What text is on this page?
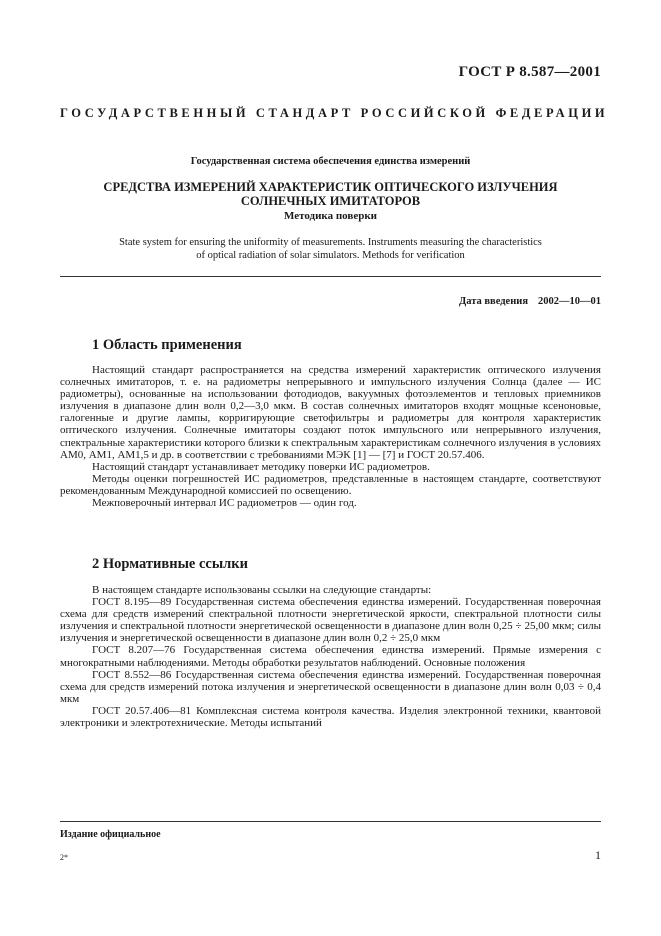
ГОСТ Р 8.587—2001
ГОСУДАРСТВЕННЫЙ СТАНДАРТ РОССИЙСКОЙ ФЕДЕРАЦИИ
Государственная система обеспечения единства измерений
СРЕДСТВА ИЗМЕРЕНИЙ ХАРАКТЕРИСТИК ОПТИЧЕСКОГО ИЗЛУЧЕНИЯ
СОЛНЕЧНЫХ ИМИТАТОРОВ
Методика поверки
State system for ensuring the uniformity of measurements. Instruments measuring the characteristics
of optical radiation of solar simulators. Methods for verification
Дата введения 2002—10—01
1 Область применения

Настоящий стандарт распространяется на средства измерений характеристик оптического излучения солнечных имитаторов, т. е. на радиометры непрерывного и импульсного излучения Солнца (далее — ИС радиометры), основанные на использовании фотодиодов, вакуумных фотоэлементов и тепловых приемников излучения в диапазоне длин волн 0,2—3,0 мкм. В состав солнечных имитаторов входят мощные ксеноновые, галогенные и другие лампы, корригирующие светофильтры и радиометры для контроля характеристик оптического излучения. Солнечные имитаторы создают поток импульсного или непрерывного излучения, спектральные характеристики которого близки к спектральным характеристикам солнечного излучения в условиях АМ0, АМ1, АМ1,5 и др. в соответствии с требованиями МЭК [1] — [7] и ГОСТ 20.57.406.

Настоящий стандарт устанавливает методику поверки ИС радиометров.

Методы оценки погрешностей ИС радиометров, представленные в настоящем стандарте, соответствуют рекомендованным Международной комиссией по освещению.

Межповерочный интервал ИС радиометров — один год.

2 Нормативные ссылки

В настоящем стандарте использованы ссылки на следующие стандарты:

ГОСТ 8.195—89 Государственная система обеспечения единства измерений. Государственная поверочная схема для средств измерений спектральной плотности энергетической яркости, спектральной плотности силы излучения и спектральной плотности энергетической освещенности в диапазоне длин волн 0,25 ÷ 25,00 мкм; силы излучения и энергетической освещенности в диапазоне длин волн 0,2 ÷ 25,0 мкм

ГОСТ 8.207—76 Государственная система обеспечения единства измерений. Прямые измерения с многократными наблюдениями. Методы обработки результатов наблюдений. Основные положения

ГОСТ 8.552—86 Государственная система обеспечения единства измерений. Государственная поверочная схема для средств измерений потока излучения и энергетической освещенности в диапазоне длин волн 0,03 ÷ 0,4 мкм

ГОСТ 20.57.406—81 Комплексная система контроля качества. Изделия электронной техники, квантовой электроники и электротехнические. Методы испытаний

Издание официальное
2*	1
